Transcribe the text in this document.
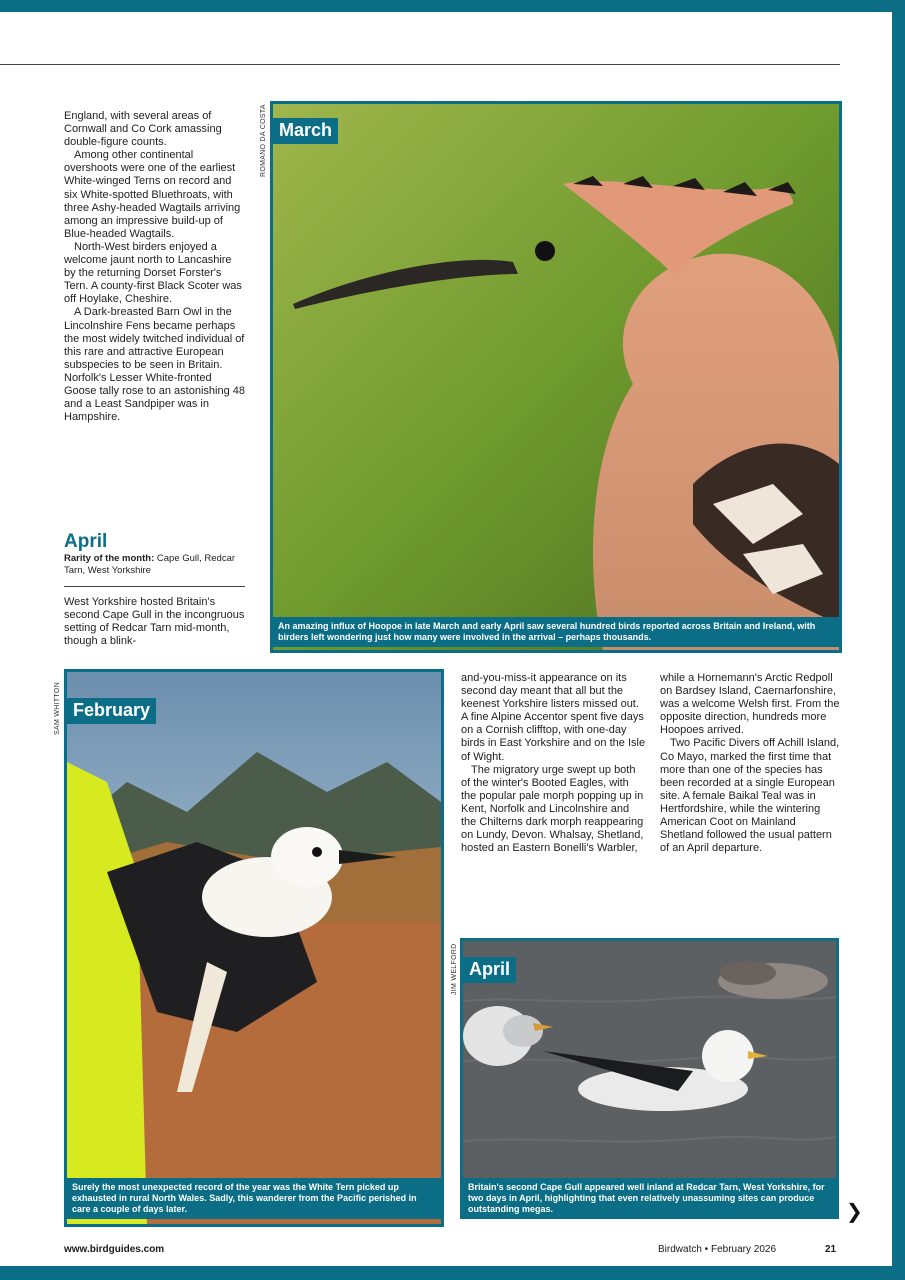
England, with several areas of Cornwall and Co Cork amassing double-figure counts.

Among other continental overshoots were one of the earliest White-winged Terns on record and six White-spotted Bluethroats, with three Ashy-headed Wagtails arriving among an impressive build-up of Blue-headed Wagtails.

North-West birders enjoyed a welcome jaunt north to Lancashire by the returning Dorset Forster's Tern. A county-first Black Scoter was off Hoylake, Cheshire.

A Dark-breasted Barn Owl in the Lincolnshire Fens became perhaps the most widely twitched individual of this rare and attractive European subspecies to be seen in Britain. Norfolk's Lesser White-fronted Goose tally rose to an astonishing 48 and a Least Sandpiper was in Hampshire.

April
Rarity of the month: Cape Gull, Redcar Tarn, West Yorkshire

West Yorkshire hosted Britain's second Cape Gull in the incongruous setting of Redcar Tarn mid-month, though a blink-

ROMANO DA COSTA March
An amazing influx of Hoopoe in late March and early April saw several hundred birds reported across Britain and Ireland, with birders left wondering just how many were involved in the arrival – perhaps thousands.
SAM WHITTON February
Surely the most unexpected record of the year was the White Tern picked up exhausted in rural North Wales. Sadly, this wanderer from the Pacific perished in care a couple of days later.

and-you-miss-it appearance on its second day meant that all but the keenest Yorkshire listers missed out. A fine Alpine Accentor spent five days on a Cornish clifftop, with one-day birds in East Yorkshire and on the Isle of Wight.

The migratory urge swept up both of the winter's Booted Eagles, with the popular pale morph popping up in Kent, Norfolk and Lincolnshire and the Chilterns dark morph reappearing on Lundy, Devon. Whalsay, Shetland, hosted an Eastern Bonelli's Warbler,

while a Hornemann's Arctic Redpoll on Bardsey Island, Caernarfonshire, was a welcome Welsh first. From the opposite direction, hundreds more Hoopoes arrived.

Two Pacific Divers off Achill Island, Co Mayo, marked the first time that more than one of the species has been recorded at a single European site. A female Baikal Teal was in Hertfordshire, while the wintering American Coot on Mainland Shetland followed the usual pattern of an April departure.

JIM WELFORD April
Britain's second Cape Gull appeared well inland at Redcar Tarn, West Yorkshire, for two days in April, highlighting that even relatively unassuming sites can produce outstanding megas.	❯
www.birdguides.com	Birdwatch • February 2026	21
